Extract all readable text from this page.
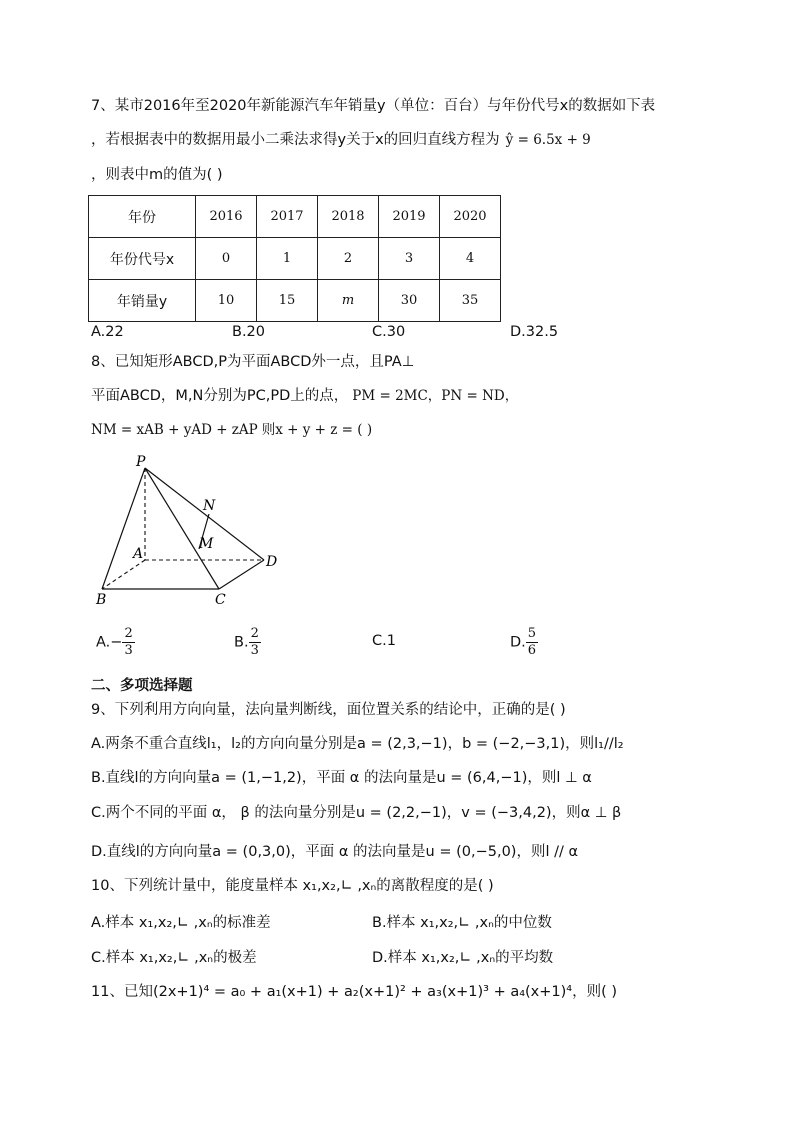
7、某市2016年至2020年新能源汽车年销量y（单位：百台）与年份代号x的数据如下表
，若根据表中的数据用最小二乘法求得y关于x的回归直线方程为 ŷ = 6.5x + 9
，则表中m的值为( )
年份	2016	2017	2018	2019	2020
年份代号x	0	1	2	3	4
年销量y	10	15	m	30	35
A.22	B.20	C.30	D.32.5
8、已知矩形ABCD,P为平面ABCD外一点，且PA⊥
平面ABCD，M,N分别为PC,PD上的点， PM = 2MC，PN = ND，
NM = xAB + yAD + zAP 则x + y + z = ( )
P
N
M
A	D
B	C
$A.- \frac{2}{3}$	B. $\frac{2}{3}$	C.1	D. $\frac{5}{6}$
二、多项选择题
9、下列利用方向向量，法向量判断线，面位置关系的结论中，正确的是( )
A.两条不重合直线l₁，l₂的方向向量分别是a = (2,3,−1)，b = (−2,−3,1)，则l₁//l₂
B.直线l的方向向量a = (1,−1,2)，平面 α 的法向量是u = (6,4,−1)，则l ⊥ α
C.两个不同的平面 α， β 的法向量分别是u = (2,2,−1)，v = (−3,4,2)，则α ⊥ β
D.直线l的方向向量a = (0,3,0)，平面 α 的法向量是u = (0,−5,0)，则l // α
10、下列统计量中，能度量样本 x₁,x₂,∟ ,xₙ的离散程度的是( )
A.样本 x₁,x₂,∟ ,xₙ的标准差	B.样本 x₁,x₂,∟ ,xₙ的中位数
C.样本 x₁,x₂,∟ ,xₙ的极差	D.样本 x₁,x₂,∟ ,xₙ的平均数
11、已知(2x+1)⁴ = a₀ + a₁(x+1) + a₂(x+1)² + a₃(x+1)³ + a₄(x+1)⁴，则( )
